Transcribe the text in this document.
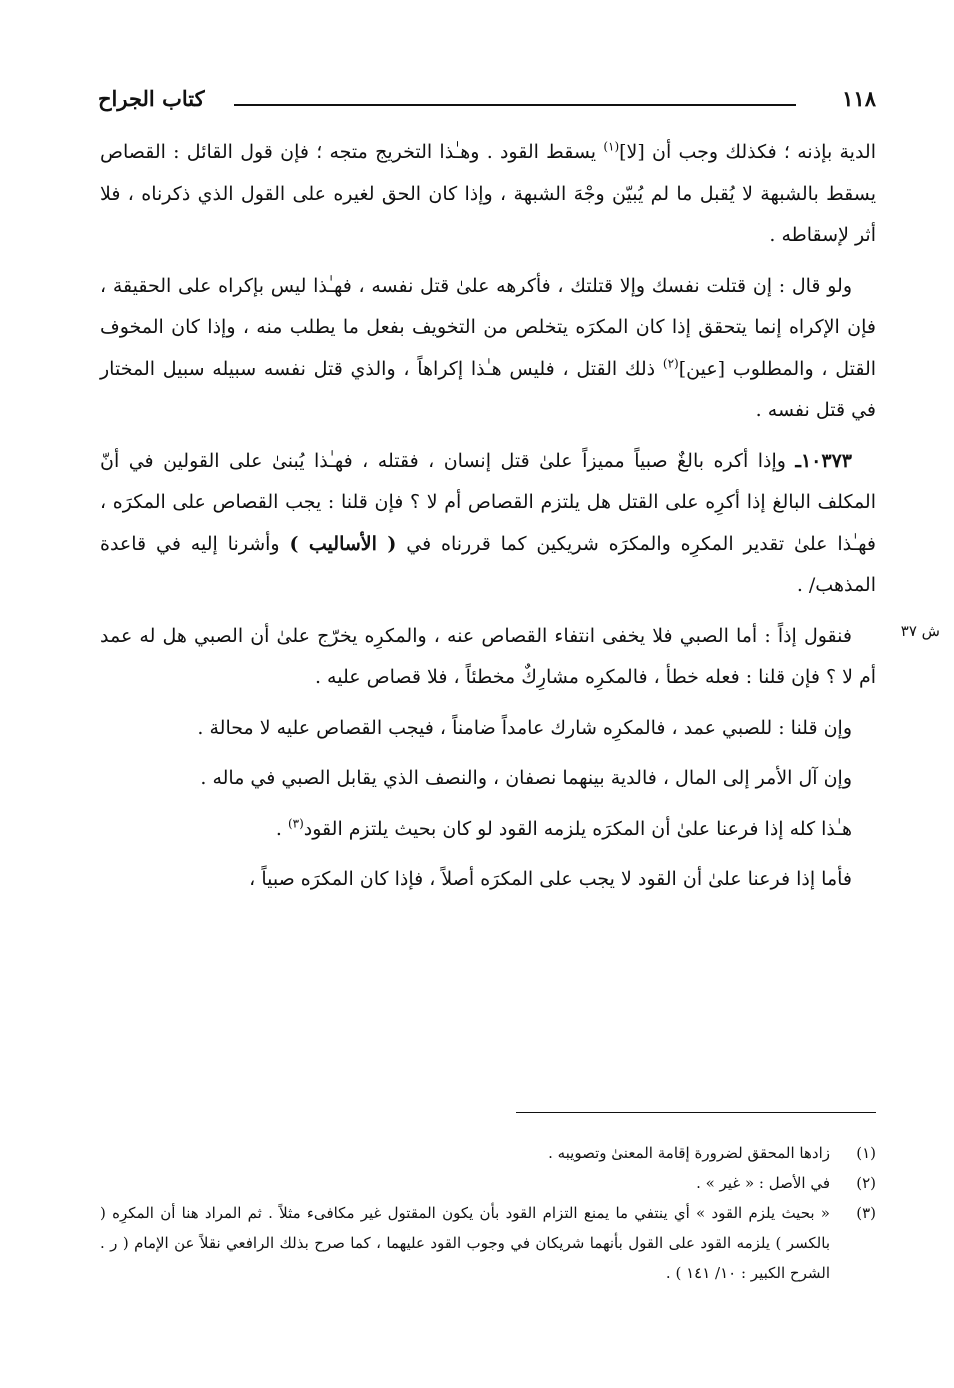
كتاب الجراح	١١٨

الدية بإذنه ؛ فكذلك وجب أن [لا]$^{(١)}$ يسقط القود . وهـٰذا التخريج متجه ؛ فإن قول القائل : القصاص يسقط بالشبهة لا يُقبل ما لم يُبيّن وجْهَ الشبهة ، وإذا كان الحق لغيره على القول الذي ذكرناه ، فلا أثر لإسقاطه .

ولو قال : إن قتلت نفسك وإلا قتلتك ، فأكرهه علىٰ قتل نفسه ، فهـٰذا ليس بإكراه على الحقيقة ، فإن الإكراه إنما يتحقق إذا كان المكرَه يتخلص من التخويف بفعل ما يطلب منه ، وإذا كان المخوف القتل ، والمطلوب [عين]$^{(٢)}$ ذلك القتل ، فليس هـٰذا إكراهاً ، والذي قتل نفسه سبيله سبيل المختار في قتل نفسه .

١٠٣٧٣ـ وإذا أكره بالغٌ صبياً مميزاً علىٰ قتل إنسان ، فقتله ، فهـٰذا يُبنىٰ على القولين في أنّ المكلف البالغ إذا أكرِه على القتل هل يلتزم القصاص أم لا ؟ فإن قلنا : يجب القصاص على المكرَه ، فهـٰذا علىٰ تقدير المكرِه والمكرَه شريكين كما قررناه في ( الأساليب ) وأشرنا إليه في قاعدة المذهب/ .

فنقول إذاً : أما الصبي فلا يخفى انتفاء القصاص عنه ، والمكرِه يخرّج علىٰ أن الصبي هل له عمد أم لا ؟ فإن قلنا : فعله خطأ ، فالمكرِه مشارِكٌ مخطئاً ، فلا قصاص عليه .

وإن قلنا : للصبي عمد ، فالمكرِه شارك عامداً ضامناً ، فيجب القصاص عليه لا محالة .

وإن آل الأمر إلى المال ، فالدية بينهما نصفان ، والنصف الذي يقابل الصبي في ماله .

هـٰذا كله إذا فرعنا علىٰ أن المكرَه يلزمه القود لو كان بحيث يلتزم القود$^{(٣)}$ .

فأما إذا فرعنا علىٰ أن القود لا يجب على المكرَه أصلاً ، فإذا كان المكرَه صبياً ،

ش ٣٧
(١)
زادها المحقق لضرورة إقامة المعنىٰ وتصويبه .
(٢)
في الأصل : « غير » .
(٣)
« بحيث يلزم القود » أي ينتفي ما يمنع التزام القود بأن يكون المقتول غير مكافىء مثلاً . ثم المراد هنا أن المكرِه ( بالكسر ) يلزمه القود على القول بأنهما شريكان في وجوب القود عليهما ، كما صرح بذلك الرافعي نقلاً عن الإمام ( ر . الشرح الكبير : ١٠/ ١٤١ ) .
